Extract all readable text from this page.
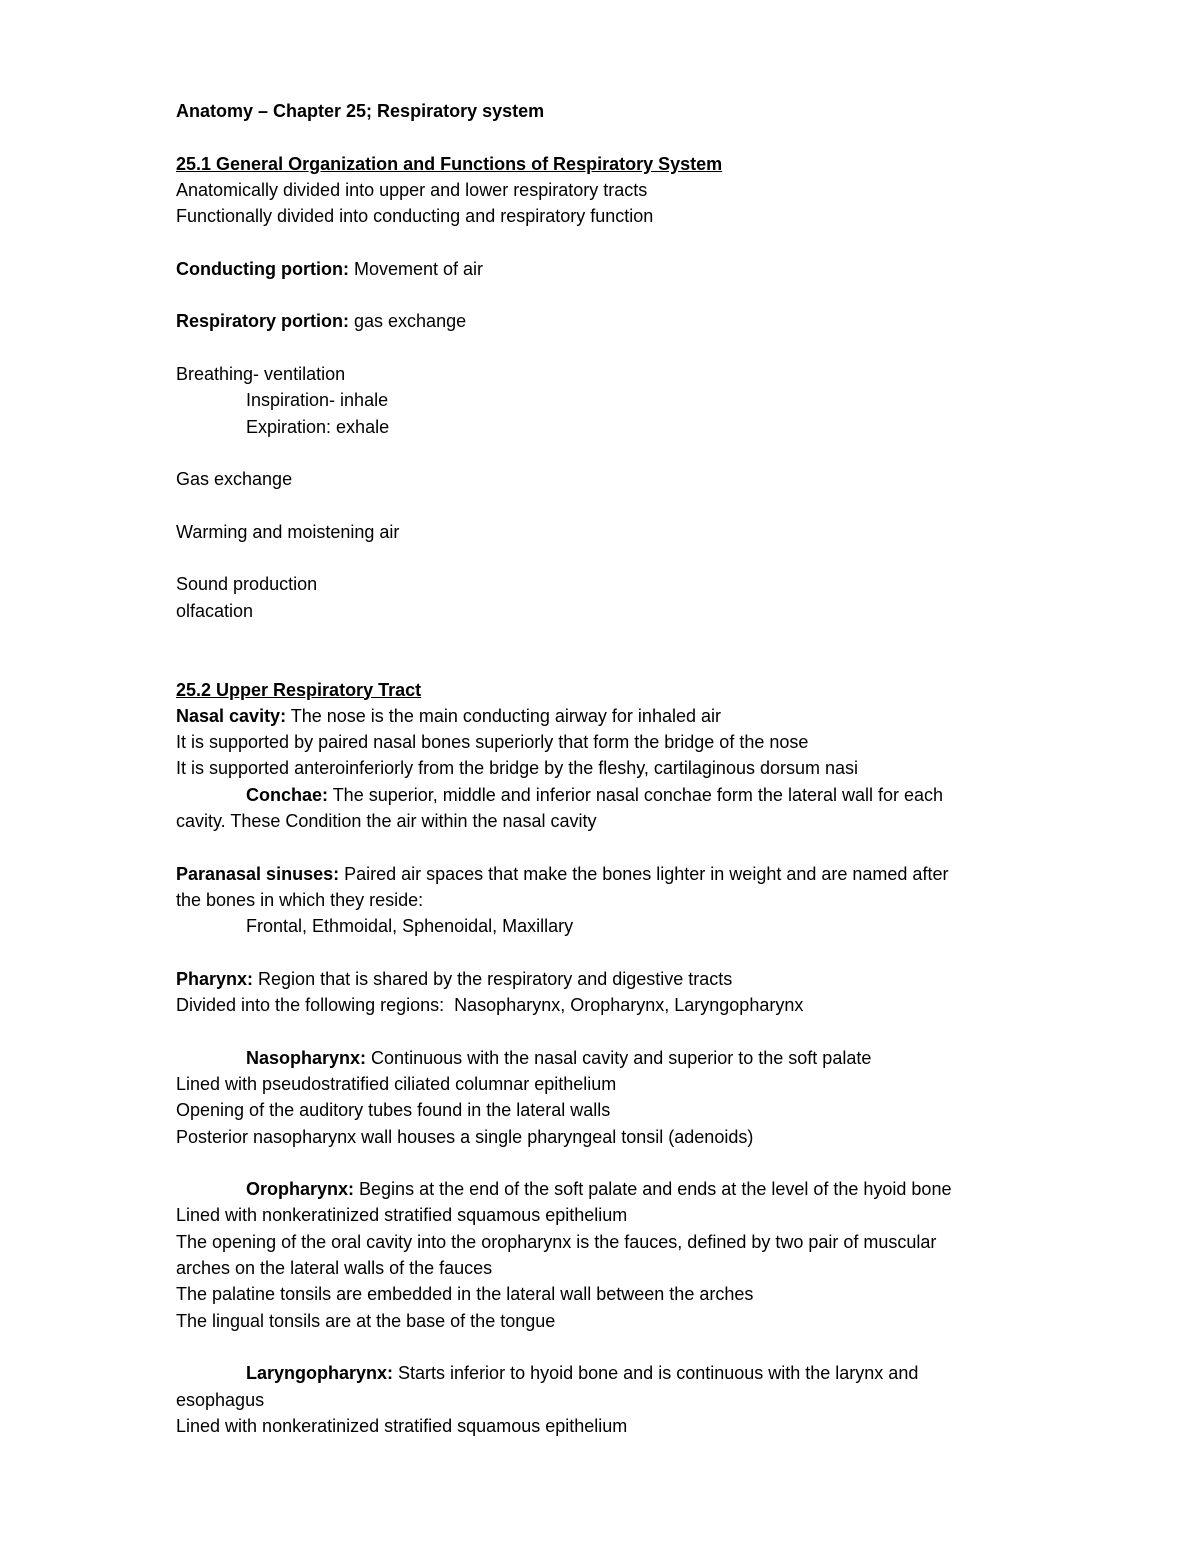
Anatomy – Chapter 25; Respiratory system
25.1 General Organization and Functions of Respiratory System
Anatomically divided into upper and lower respiratory tracts
Functionally divided into conducting and respiratory function
Conducting portion: Movement of air
Respiratory portion: gas exchange
Breathing- ventilation
Inspiration- inhale
Expiration: exhale
Gas exchange
Warming and moistening air
Sound production
olfacation
25.2 Upper Respiratory Tract
Nasal cavity: The nose is the main conducting airway for inhaled air
It is supported by paired nasal bones superiorly that form the bridge of the nose
It is supported anteroinferiorly from the bridge by the fleshy, cartilaginous dorsum nasi
Conchae: The superior, middle and inferior nasal conchae form the lateral wall for each
cavity. These Condition the air within the nasal cavity
Paranasal sinuses: Paired air spaces that make the bones lighter in weight and are named after
the bones in which they reside:
Frontal, Ethmoidal, Sphenoidal, Maxillary
Pharynx: Region that is shared by the respiratory and digestive tracts
Divided into the following regions:  Nasopharynx, Oropharynx, Laryngopharynx
Nasopharynx: Continuous with the nasal cavity and superior to the soft palate
Lined with pseudostratified ciliated columnar epithelium
Opening of the auditory tubes found in the lateral walls
Posterior nasopharynx wall houses a single pharyngeal tonsil (adenoids)
Oropharynx: Begins at the end of the soft palate and ends at the level of the hyoid bone
Lined with nonkeratinized stratified squamous epithelium
The opening of the oral cavity into the oropharynx is the fauces, defined by two pair of muscular
arches on the lateral walls of the fauces
The palatine tonsils are embedded in the lateral wall between the arches
The lingual tonsils are at the base of the tongue
Laryngopharynx: Starts inferior to hyoid bone and is continuous with the larynx and
esophagus
Lined with nonkeratinized stratified squamous epithelium
